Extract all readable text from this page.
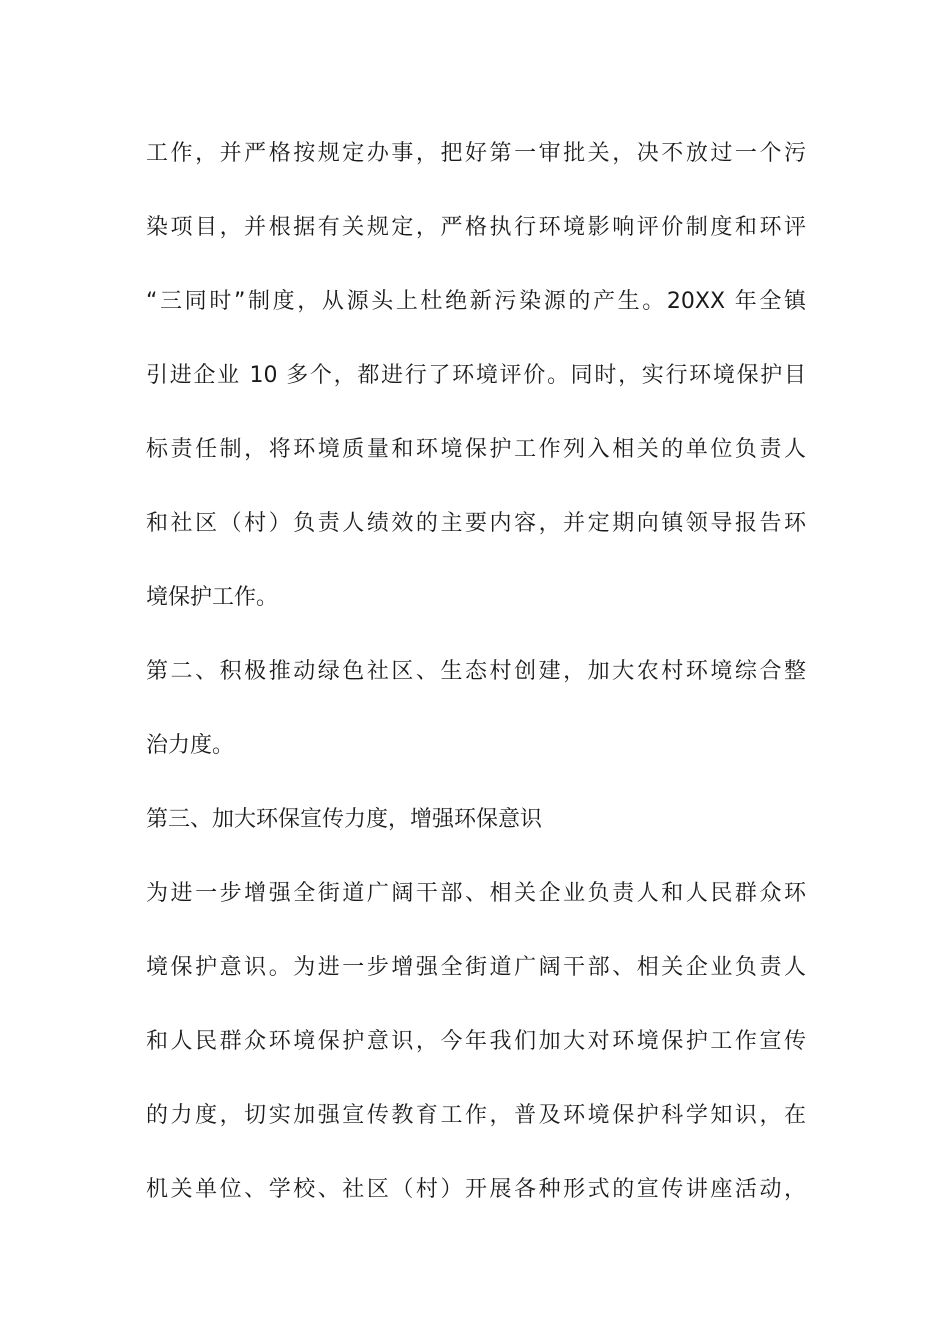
工作，并严格按规定办事，把好第一审批关，决不放过一个污
染项目，并根据有关规定，严格执行环境影响评价制度和环评
“三同时”制度，从源头上杜绝新污染源的产生。20XX 年全镇
引进企业 10 多个，都进行了环境评价。同时，实行环境保护目
标责任制，将环境质量和环境保护工作列入相关的单位负责人
和社区（村）负责人绩效的主要内容，并定期向镇领导报告环
境保护工作。
第二、积极推动绿色社区、生态村创建，加大农村环境综合整
治力度。
第三、加大环保宣传力度，增强环保意识
为进一步增强全街道广阔干部、相关企业负责人和人民群众环
境保护意识。为进一步增强全街道广阔干部、相关企业负责人
和人民群众环境保护意识，今年我们加大对环境保护工作宣传
的力度，切实加强宣传教育工作，普及环境保护科学知识，在
机关单位、学校、社区（村）开展各种形式的宣传讲座活动，
